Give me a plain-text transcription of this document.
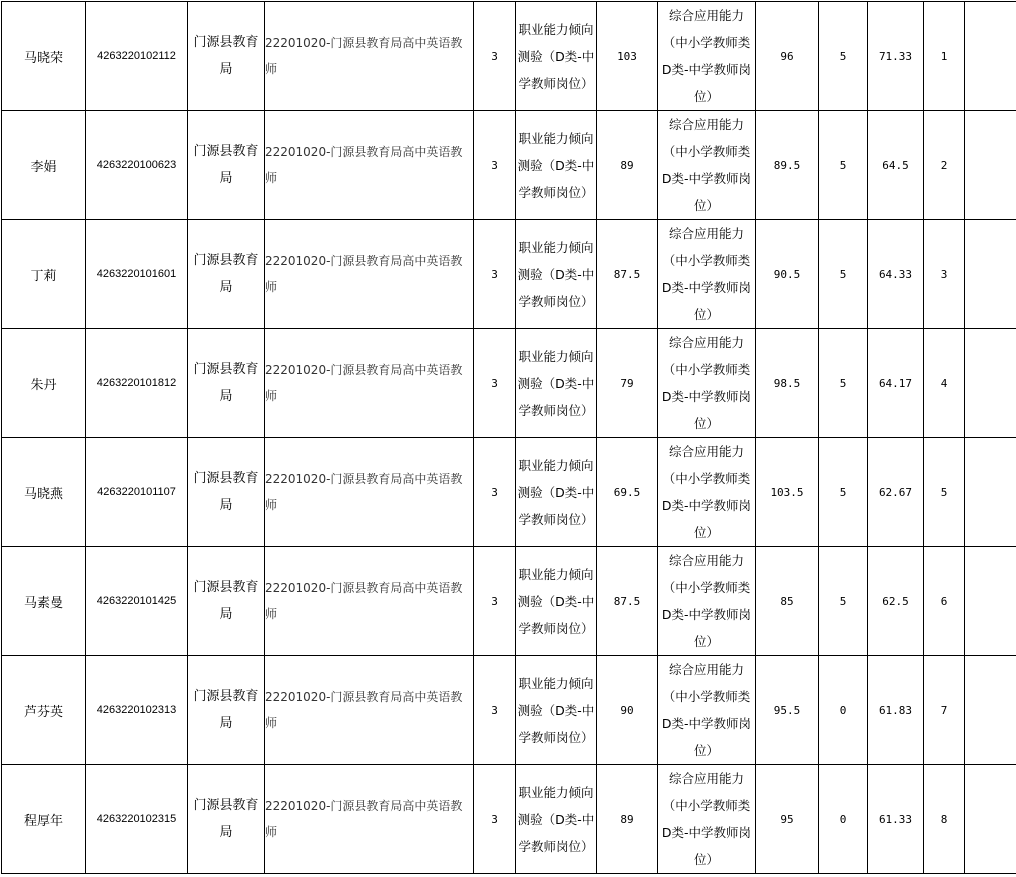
马晓荣	4263220102112	门源县教育局	22201020-门源县教育局高中英语教师	3	职业能力倾向测验（D类-中学教师岗位）	103	综合应用能力（中小学教师类D类-中学教师岗位）	96	5	71.33	1	
李娟	4263220100623	门源县教育局	22201020-门源县教育局高中英语教师	3	职业能力倾向测验（D类-中学教师岗位）	89	综合应用能力（中小学教师类D类-中学教师岗位）	89.5	5	64.5	2	
丁莉	4263220101601	门源县教育局	22201020-门源县教育局高中英语教师	3	职业能力倾向测验（D类-中学教师岗位）	87.5	综合应用能力（中小学教师类D类-中学教师岗位）	90.5	5	64.33	3	
朱丹	4263220101812	门源县教育局	22201020-门源县教育局高中英语教师	3	职业能力倾向测验（D类-中学教师岗位）	79	综合应用能力（中小学教师类D类-中学教师岗位）	98.5	5	64.17	4	
马晓燕	4263220101107	门源县教育局	22201020-门源县教育局高中英语教师	3	职业能力倾向测验（D类-中学教师岗位）	69.5	综合应用能力（中小学教师类D类-中学教师岗位）	103.5	5	62.67	5	
马素曼	4263220101425	门源县教育局	22201020-门源县教育局高中英语教师	3	职业能力倾向测验（D类-中学教师岗位）	87.5	综合应用能力（中小学教师类D类-中学教师岗位）	85	5	62.5	6	
芦芬英	4263220102313	门源县教育局	22201020-门源县教育局高中英语教师	3	职业能力倾向测验（D类-中学教师岗位）	90	综合应用能力（中小学教师类D类-中学教师岗位）	95.5	0	61.83	7	
程厚年	4263220102315	门源县教育局	22201020-门源县教育局高中英语教师	3	职业能力倾向测验（D类-中学教师岗位）	89	综合应用能力（中小学教师类D类-中学教师岗位）	95	0	61.33	8	
